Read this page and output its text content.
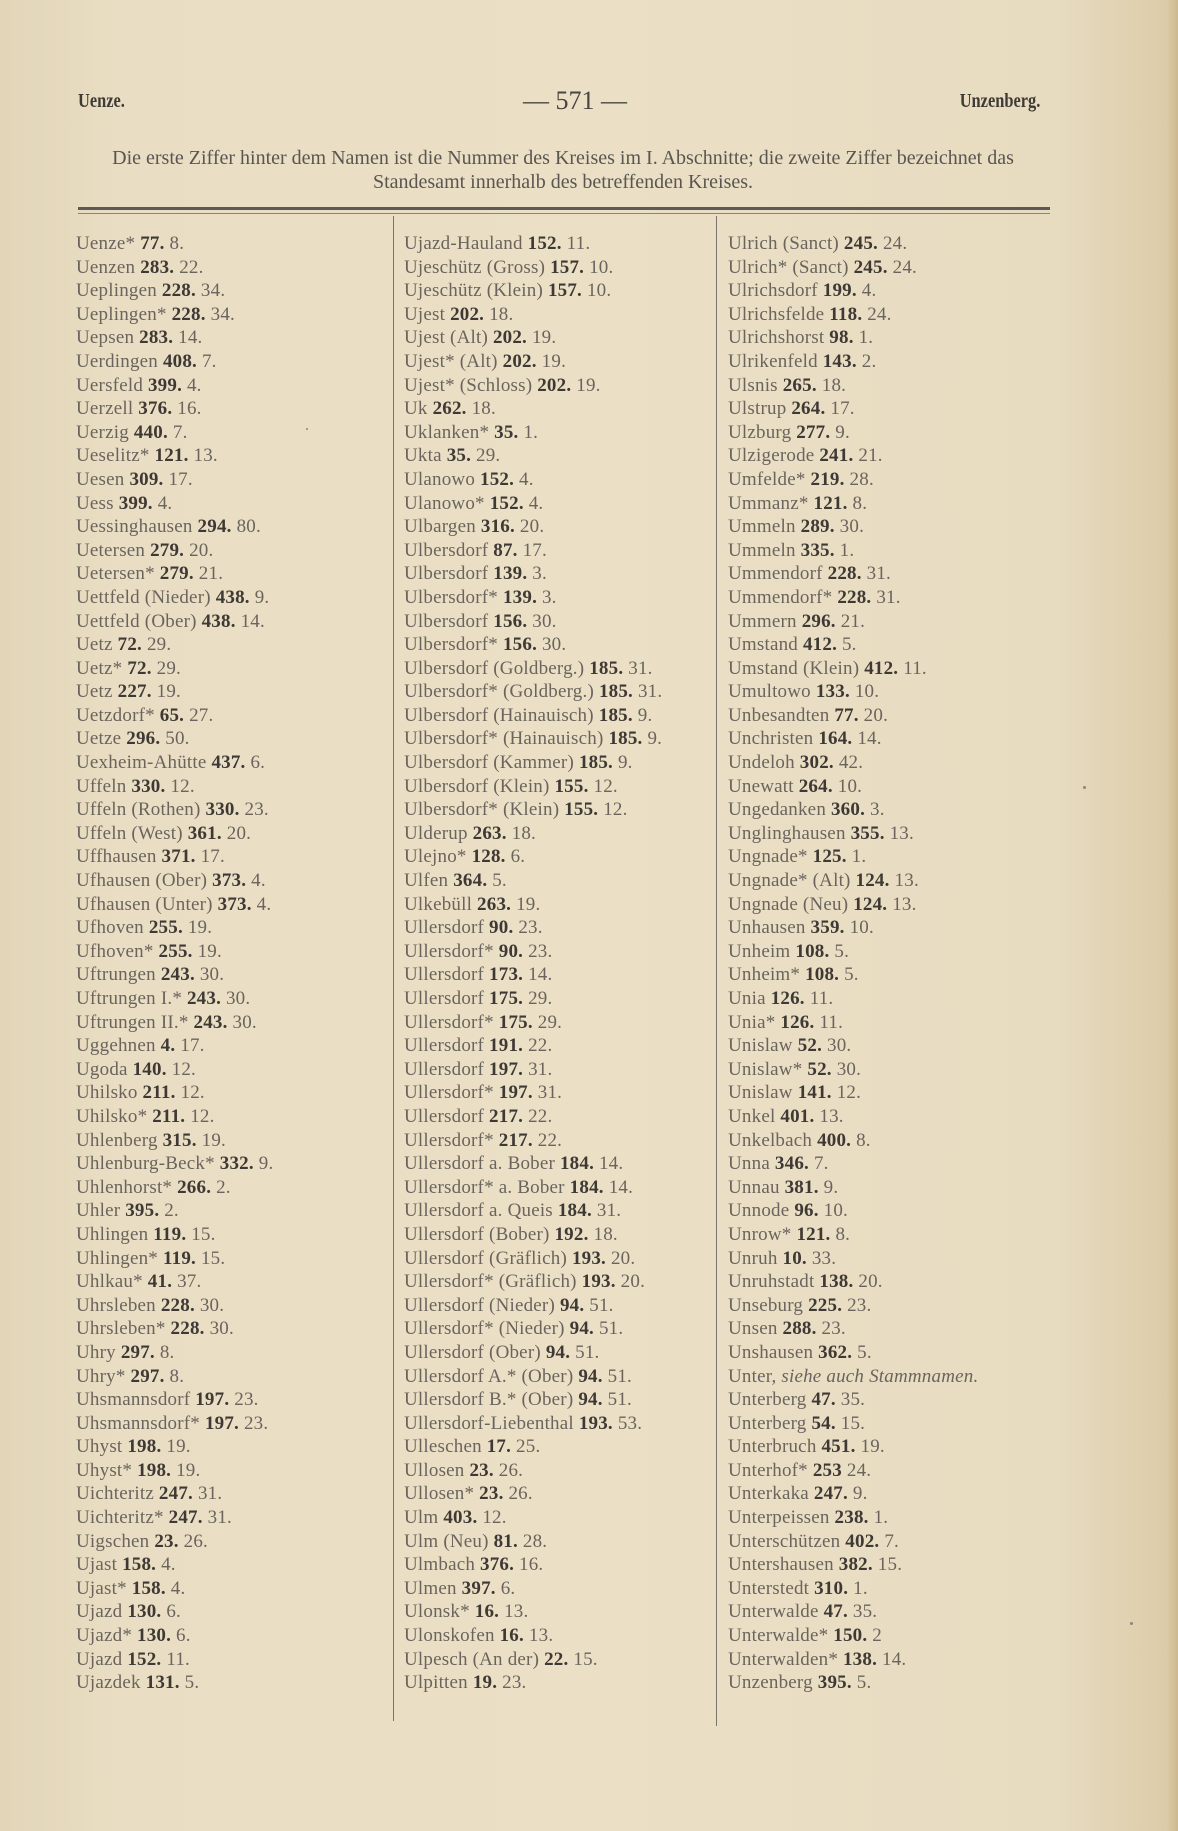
Uenze.	— 571 —	Unzenberg.
Die erste Ziffer hinter dem Namen ist die Nummer des Kreises im I. Abschnitte; die zweite Ziffer bezeichnet das Standesamt innerhalb des betreffenden Kreises.
Uenze* 77. 8.
Uenzen 283. 22.
Ueplingen 228. 34.
Ueplingen* 228. 34.
Uepsen 283. 14.
Uerdingen 408. 7.
Uersfeld 399. 4.
Uerzell 376. 16.
Uerzig 440. 7.
Ueselitz* 121. 13.
Uesen 309. 17.
Uess 399. 4.
Uessinghausen 294. 80.
Uetersen 279. 20.
Uetersen* 279. 21.
Uettfeld (Nieder) 438. 9.
Uettfeld (Ober) 438. 14.
Uetz 72. 29.
Uetz* 72. 29.
Uetz 227. 19.
Uetzdorf* 65. 27.
Uetze 296. 50.
Uexheim-Ahütte 437. 6.
Uffeln 330. 12.
Uffeln (Rothen) 330. 23.
Uffeln (West) 361. 20.
Uffhausen 371. 17.
Ufhausen (Ober) 373. 4.
Ufhausen (Unter) 373. 4.
Ufhoven 255. 19.
Ufhoven* 255. 19.
Uftrungen 243. 30.
Uftrungen I.* 243. 30.
Uftrungen II.* 243. 30.
Uggehnen 4. 17.
Ugoda 140. 12.
Uhilsko 211. 12.
Uhilsko* 211. 12.
Uhlenberg 315. 19.
Uhlenburg-Beck* 332. 9.
Uhlenhorst* 266. 2.
Uhler 395. 2.
Uhlingen 119. 15.
Uhlingen* 119. 15.
Uhlkau* 41. 37.
Uhrsleben 228. 30.
Uhrsleben* 228. 30.
Uhry 297. 8.
Uhry* 297. 8.
Uhsmannsdorf 197. 23.
Uhsmannsdorf* 197. 23.
Uhyst 198. 19.
Uhyst* 198. 19.
Uichteritz 247. 31.
Uichteritz* 247. 31.
Uigschen 23. 26.
Ujast 158. 4.
Ujast* 158. 4.
Ujazd 130. 6.
Ujazd* 130. 6.
Ujazd 152. 11.
Ujazdek 131. 5.
Ujazd-Hauland 152. 11.
Ujeschütz (Gross) 157. 10.
Ujeschütz (Klein) 157. 10.
Ujest 202. 18.
Ujest (Alt) 202. 19.
Ujest* (Alt) 202. 19.
Ujest* (Schloss) 202. 19.
Uk 262. 18.
Uklanken* 35. 1.
Ukta 35. 29.
Ulanowo 152. 4.
Ulanowo* 152. 4.
Ulbargen 316. 20.
Ulbersdorf 87. 17.
Ulbersdorf 139. 3.
Ulbersdorf* 139. 3.
Ulbersdorf 156. 30.
Ulbersdorf* 156. 30.
Ulbersdorf (Goldberg.) 185. 31.
Ulbersdorf* (Goldberg.) 185. 31.
Ulbersdorf (Hainauisch) 185. 9.
Ulbersdorf* (Hainauisch) 185. 9.
Ulbersdorf (Kammer) 185. 9.
Ulbersdorf (Klein) 155. 12.
Ulbersdorf* (Klein) 155. 12.
Ulderup 263. 18.
Ulejno* 128. 6.
Ulfen 364. 5.
Ulkebüll 263. 19.
Ullersdorf 90. 23.
Ullersdorf* 90. 23.
Ullersdorf 173. 14.
Ullersdorf 175. 29.
Ullersdorf* 175. 29.
Ullersdorf 191. 22.
Ullersdorf 197. 31.
Ullersdorf* 197. 31.
Ullersdorf 217. 22.
Ullersdorf* 217. 22.
Ullersdorf a. Bober 184. 14.
Ullersdorf* a. Bober 184. 14.
Ullersdorf a. Queis 184. 31.
Ullersdorf (Bober) 192. 18.
Ullersdorf (Gräflich) 193. 20.
Ullersdorf* (Gräflich) 193. 20.
Ullersdorf (Nieder) 94. 51.
Ullersdorf* (Nieder) 94. 51.
Ullersdorf (Ober) 94. 51.
Ullersdorf A.* (Ober) 94. 51.
Ullersdorf B.* (Ober) 94. 51.
Ullersdorf-Liebenthal 193. 53.
Ulleschen 17. 25.
Ullosen 23. 26.
Ullosen* 23. 26.
Ulm 403. 12.
Ulm (Neu) 81. 28.
Ulmbach 376. 16.
Ulmen 397. 6.
Ulonsk* 16. 13.
Ulonskofen 16. 13.
Ulpesch (An der) 22. 15.
Ulpitten 19. 23.
Ulrich (Sanct) 245. 24.
Ulrich* (Sanct) 245. 24.
Ulrichsdorf 199. 4.
Ulrichsfelde 118. 24.
Ulrichshorst 98. 1.
Ulrikenfeld 143. 2.
Ulsnis 265. 18.
Ulstrup 264. 17.
Ulzburg 277. 9.
Ulzigerode 241. 21.
Umfelde* 219. 28.
Ummanz* 121. 8.
Ummeln 289. 30.
Ummeln 335. 1.
Ummendorf 228. 31.
Ummendorf* 228. 31.
Ummern 296. 21.
Umstand 412. 5.
Umstand (Klein) 412. 11.
Umultowo 133. 10.
Unbesandten 77. 20.
Unchristen 164. 14.
Undeloh 302. 42.
Unewatt 264. 10.
Ungedanken 360. 3.
Unglinghausen 355. 13.
Ungnade* 125. 1.
Ungnade* (Alt) 124. 13.
Ungnade (Neu) 124. 13.
Unhausen 359. 10.
Unheim 108. 5.
Unheim* 108. 5.
Unia 126. 11.
Unia* 126. 11.
Unislaw 52. 30.
Unislaw* 52. 30.
Unislaw 141. 12.
Unkel 401. 13.
Unkelbach 400. 8.
Unna 346. 7.
Unnau 381. 9.
Unnode 96. 10.
Unrow* 121. 8.
Unruh 10. 33.
Unruhstadt 138. 20.
Unseburg 225. 23.
Unsen 288. 23.
Unshausen 362. 5.
Unter, siehe auch Stammnamen.
Unterberg 47. 35.
Unterberg 54. 15.
Unterbruch 451. 19.
Unterhof* 253 24.
Unterkaka 247. 9.
Unterpeissen 238. 1.
Unterschützen 402. 7.
Untershausen 382. 15.
Unterstedt 310. 1.
Unterwalde 47. 35.
Unterwalde* 150. 2
Unterwalden* 138. 14.
Unzenberg 395. 5.
